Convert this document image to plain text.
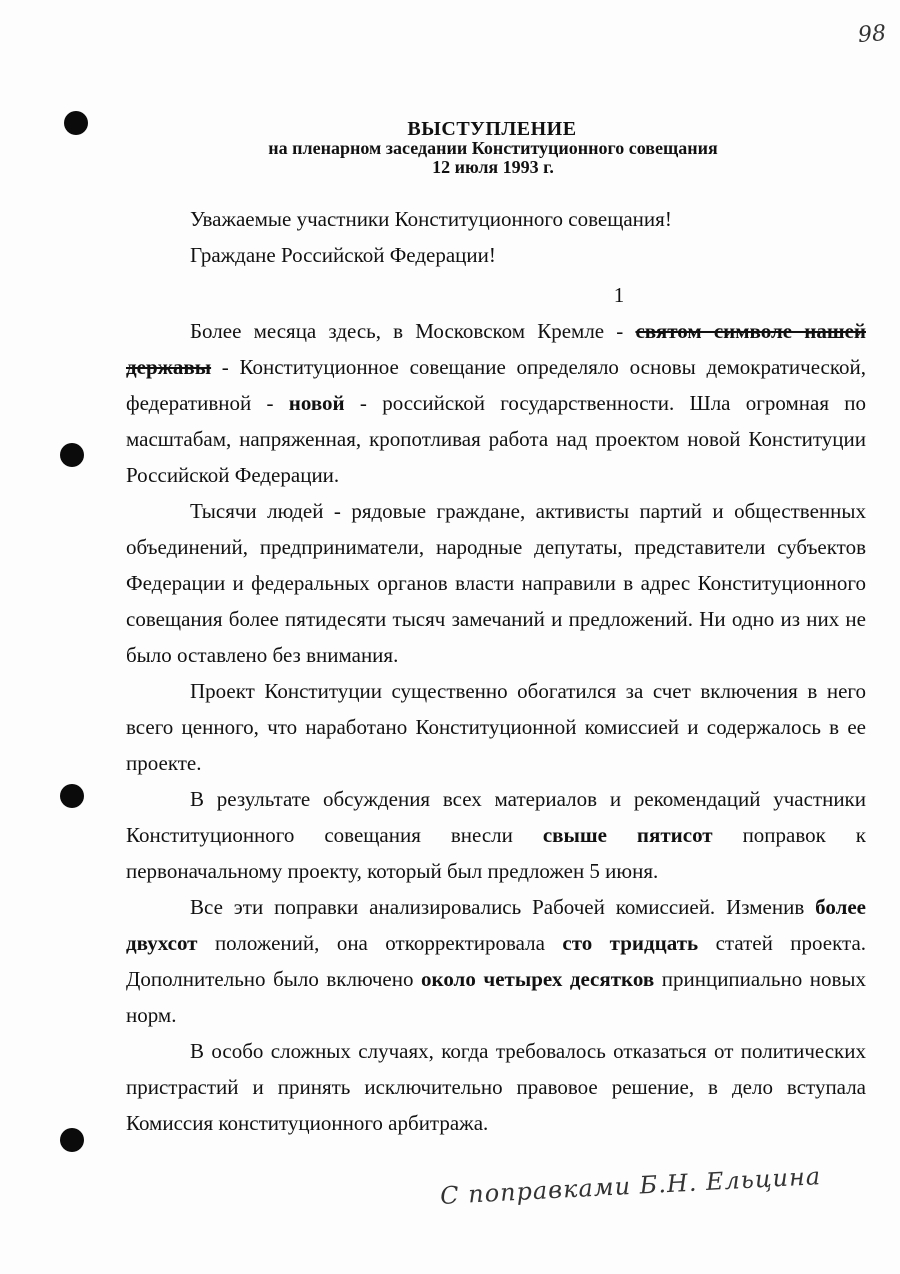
98
ВЫСТУПЛЕНИЕ
на пленарном заседании Конституционного совещания
12 июля 1993 г.
Уважаемые участники Конституционного совещания!
Граждане Российской Федерации!
1

Более месяца здесь, в Московском Кремле - святом символе нашей державы - Конституционное совещание определяло основы демократической, федеративной - новой - российской государственности. Шла огромная по масштабам, напряженная, кропотливая работа над проектом новой Конституции Российской Федерации.

Тысячи людей - рядовые граждане, активисты партий и общественных объединений, предприниматели, народные депутаты, представители субъектов Федерации и федеральных органов власти направили в адрес Конституционного совещания более пятидесяти тысяч замечаний и предложений. Ни одно из них не было оставлено без внимания.

Проект Конституции существенно обогатился за счет включения в него всего ценного, что наработано Конституционной комиссией и содержалось в ее проекте.

В результате обсуждения всех материалов и рекомендаций участники Конституционного совещания внесли свыше пятисот поправок к первоначальному проекту, который был предложен 5 июня.

Все эти поправки анализировались Рабочей комиссией. Изменив более двухсот положений, она откорректировала сто тридцать статей проекта. Дополнительно было включено около четырех десятков принципиально новых норм.

В особо сложных случаях, когда требовалось отказаться от политических пристрастий и принять исключительно правовое решение, в дело вступала Комиссия конституционного арбитража.

С поправками Б.Н. Ельцина
